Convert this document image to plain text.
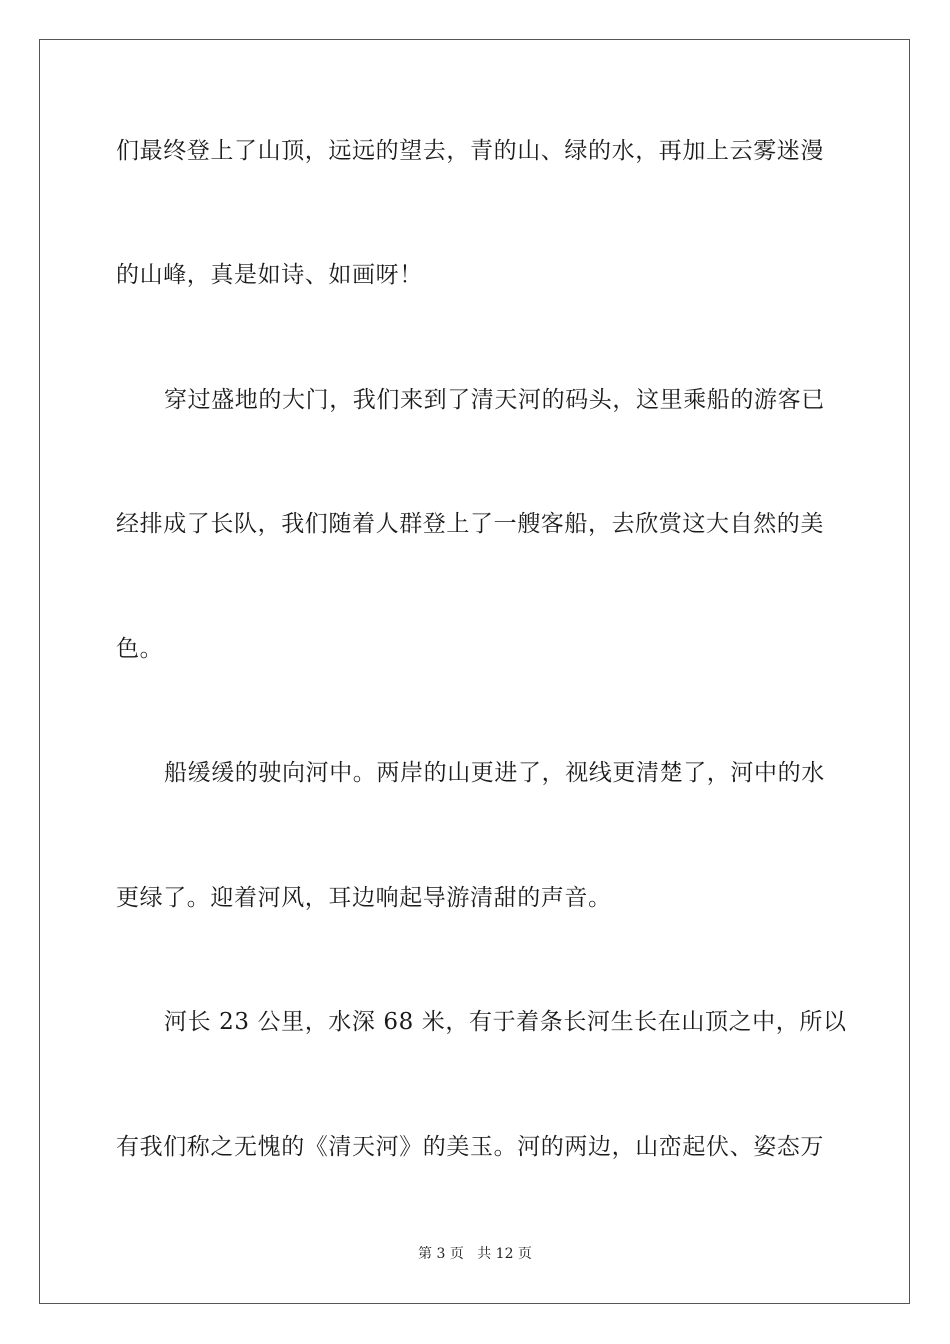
们最终登上了山顶，远远的望去，青的山、绿的水，再加上云雾迷漫
的山峰，真是如诗、如画呀！
穿过盛地的大门，我们来到了清天河的码头，这里乘船的游客已
经排成了长队，我们随着人群登上了一艘客船，去欣赏这大自然的美
色。
船缓缓的驶向河中。两岸的山更进了，视线更清楚了，河中的水
更绿了。迎着河风，耳边响起导游清甜的声音。
河长 23 公里，水深 68 米，有于着条长河生长在山顶之中，所以
有我们称之无愧的《清天河》的美玉。河的两边，山峦起伏、姿态万
第 3 页 共 12 页
